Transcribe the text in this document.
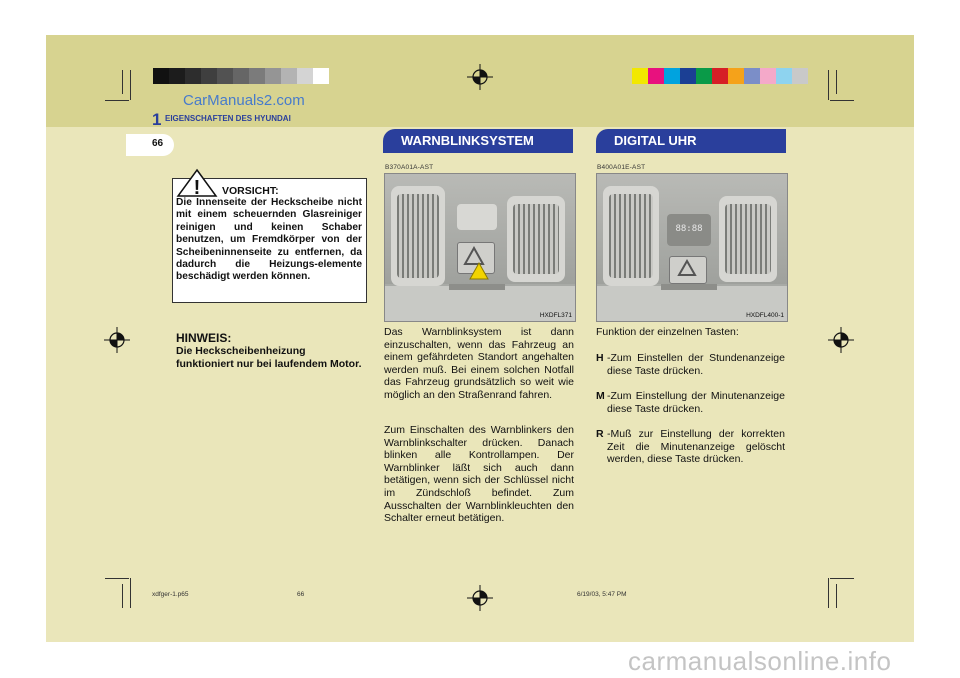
1 EIGENSCHAFTEN DES HYUNDAI
CarManuals2.com
66	WARNBLINKSYSTEM	DIGITAL UHR
! VORSICHT:
Die Innenseite der Heckscheibe nicht mit einem scheuernden Glasreiniger reinigen und keinen Schaber benutzen, um Fremdkörper von der Scheibeninnenseite zu entfernen, da dadurch die Heizungs-elemente beschädigt werden können.
HINWEIS:
Die Heckscheibenheizung funktioniert nur bei laufendem Motor.
B370A01A-AST
HXDFL371
Das Warnblinksystem ist dann einzuschalten, wenn das Fahrzeug an einem gefährdeten Standort angehalten werden muß. Bei einem solchen Notfall das Fahrzeug grundsätzlich so weit wie möglich an den Straßenrand fahren.
Zum Einschalten des Warnblinkers den Warnblinkschalter drücken. Danach blinken alle Kontrollampen. Der Warnblinker läßt sich auch dann betätigen, wenn sich der Schlüssel nicht im Zündschloß befindet. Zum Ausschalten der Warnblinkleuchten den Schalter erneut betätigen.
B400A01E-AST
88:88
HXDFL400-1
Funktion der einzelnen Tasten:
H -Zum Einstellen der Stundenanzeige diese Taste drücken.
M -Zum Einstellung der Minutenanzeige diese Taste drücken.
R -Muß zur Einstellung der korrekten Zeit die Minutenanzeige gelöscht werden, diese Taste drücken.
xdfger-1.p65	66	6/19/03, 5:47 PM
carmanualsonline.info
